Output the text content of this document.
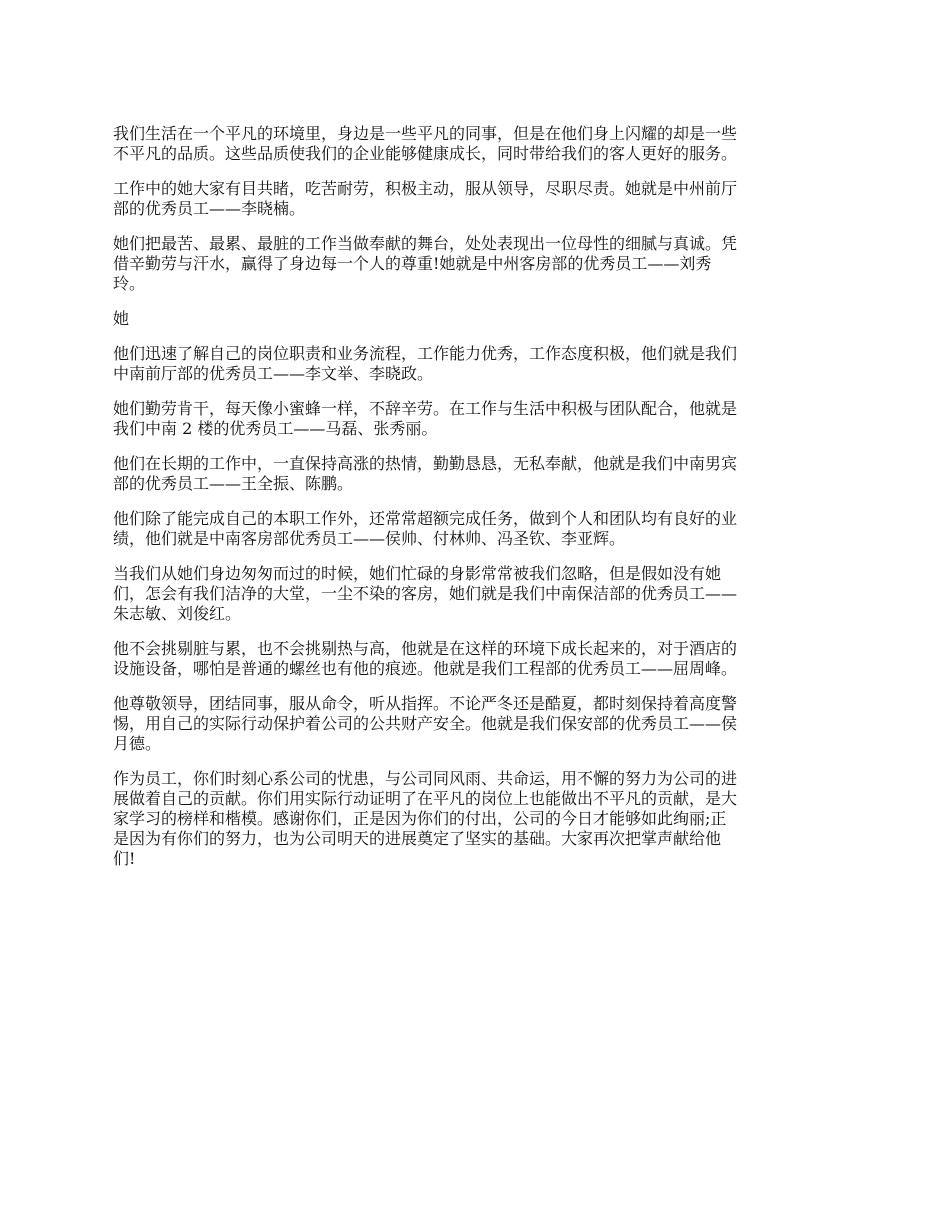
我们生活在一个平凡的环境里，身边是一些平凡的同事，但是在他们身上闪耀的却是一些
不平凡的品质。这些品质使我们的企业能够健康成长，同时带给我们的客人更好的服务。

工作中的她大家有目共睹，吃苦耐劳，积极主动，服从领导，尽职尽责。她就是中州前厅
部的优秀员工——李晓楠。

她们把最苦、最累、最脏的工作当做奉献的舞台，处处表现出一位母性的细腻与真诚。凭
借辛勤劳与汗水，赢得了身边每一个人的尊重!她就是中州客房部的优秀员工——刘秀
玲。

她

他们迅速了解自己的岗位职责和业务流程，工作能力优秀，工作态度积极，他们就是我们
中南前厅部的优秀员工——李文举、李晓政。

她们勤劳肯干，每天像小蜜蜂一样，不辞辛劳。在工作与生活中积极与团队配合，他就是
我们中南 2 楼的优秀员工——马磊、张秀丽。

他们在长期的工作中，一直保持高涨的热情，勤勤恳恳，无私奉献，他就是我们中南男宾
部的优秀员工——王全振、陈鹏。

他们除了能完成自己的本职工作外，还常常超额完成任务，做到个人和团队均有良好的业
绩，他们就是中南客房部优秀员工——侯帅、付林帅、冯圣钦、李亚辉。

当我们从她们身边匆匆而过的时候，她们忙碌的身影常常被我们忽略，但是假如没有她
们，怎会有我们洁净的大堂，一尘不染的客房，她们就是我们中南保洁部的优秀员工——
朱志敏、刘俊红。

他不会挑剔脏与累，也不会挑剔热与高，他就是在这样的环境下成长起来的，对于酒店的
设施设备，哪怕是普通的螺丝也有他的痕迹。他就是我们工程部的优秀员工——屈周峰。

他尊敬领导，团结同事，服从命令，听从指挥。不论严冬还是酷夏，都时刻保持着高度警
惕，用自己的实际行动保护着公司的公共财产安全。他就是我们保安部的优秀员工——侯
月德。

作为员工，你们时刻心系公司的忧患，与公司同风雨、共命运，用不懈的努力为公司的进
展做着自己的贡献。你们用实际行动证明了在平凡的岗位上也能做出不平凡的贡献，是大
家学习的榜样和楷模。感谢你们，正是因为你们的付出，公司的今日才能够如此绚丽;正
是因为有你们的努力，也为公司明天的进展奠定了坚实的基础。大家再次把掌声献给他
们!
